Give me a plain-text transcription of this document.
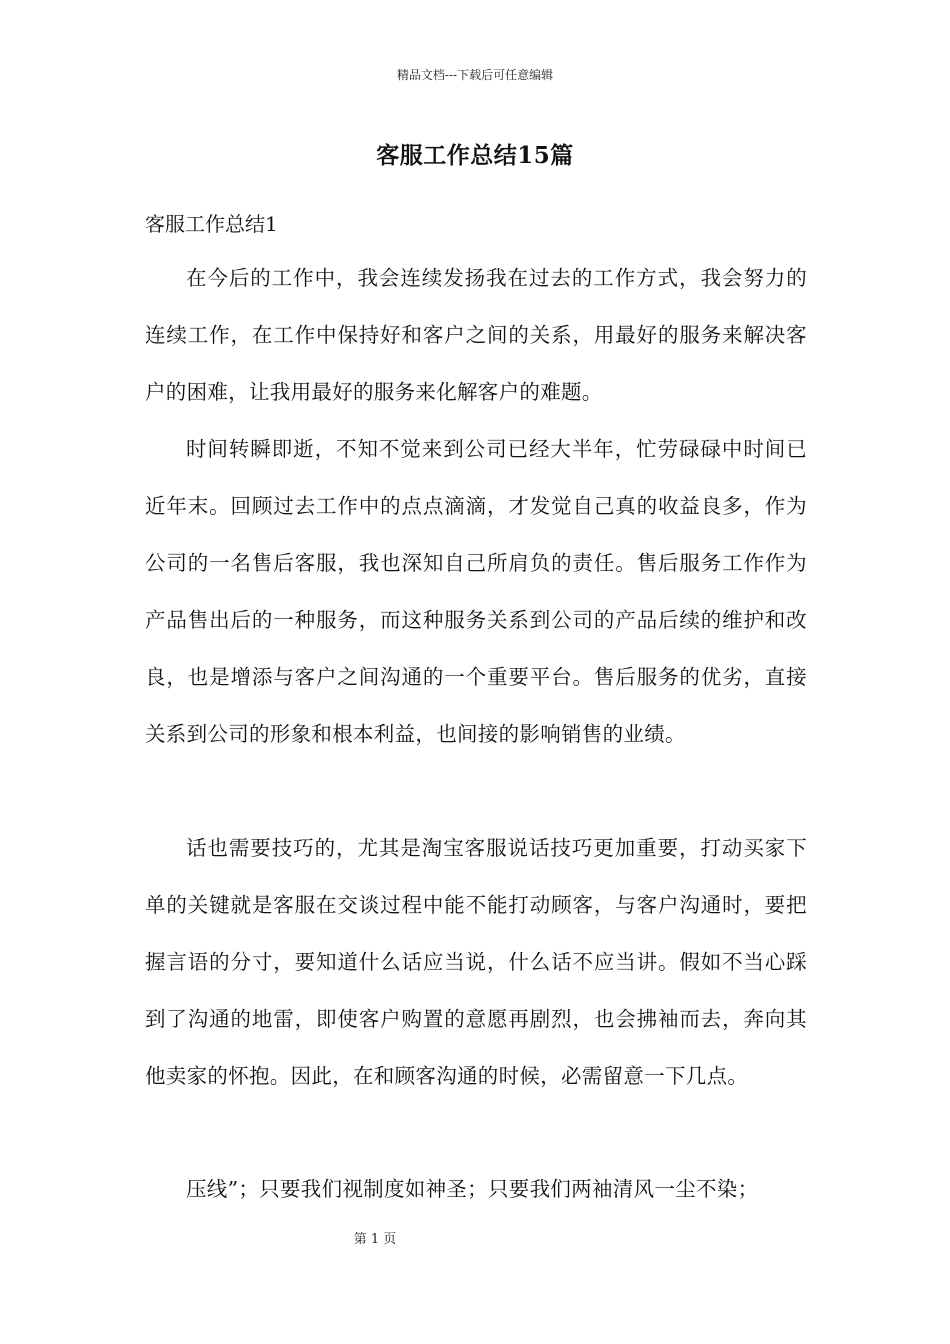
精品文档---下载后可任意编辑
客服工作总结15篇
客服工作总结1

在今后的工作中，我会连续发扬我在过去的工作方式，我会努力的连续工作，在工作中保持好和客户之间的关系，用最好的服务来解决客户的困难，让我用最好的服务来化解客户的难题。

时间转瞬即逝，不知不觉来到公司已经大半年，忙劳碌碌中时间已近年末。回顾过去工作中的点点滴滴，才发觉自己真的收益良多，作为公司的一名售后客服，我也深知自己所肩负的责任。售后服务工作作为产品售出后的一种服务，而这种服务关系到公司的产品后续的维护和改良，也是增添与客户之间沟通的一个重要平台。售后服务的优劣，直接关系到公司的形象和根本利益，也间接的影响销售的业绩。

话也需要技巧的，尤其是淘宝客服说话技巧更加重要，打动买家下单的关键就是客服在交谈过程中能不能打动顾客，与客户沟通时，要把握言语的分寸，要知道什么话应当说，什么话不应当讲。假如不当心踩到了沟通的地雷，即使客户购置的意愿再剧烈，也会拂袖而去，奔向其他卖家的怀抱。因此，在和顾客沟通的时候，必需留意一下几点。

压线”；只要我们视制度如神圣；只要我们两袖清风一尘不染；

第 1 页
